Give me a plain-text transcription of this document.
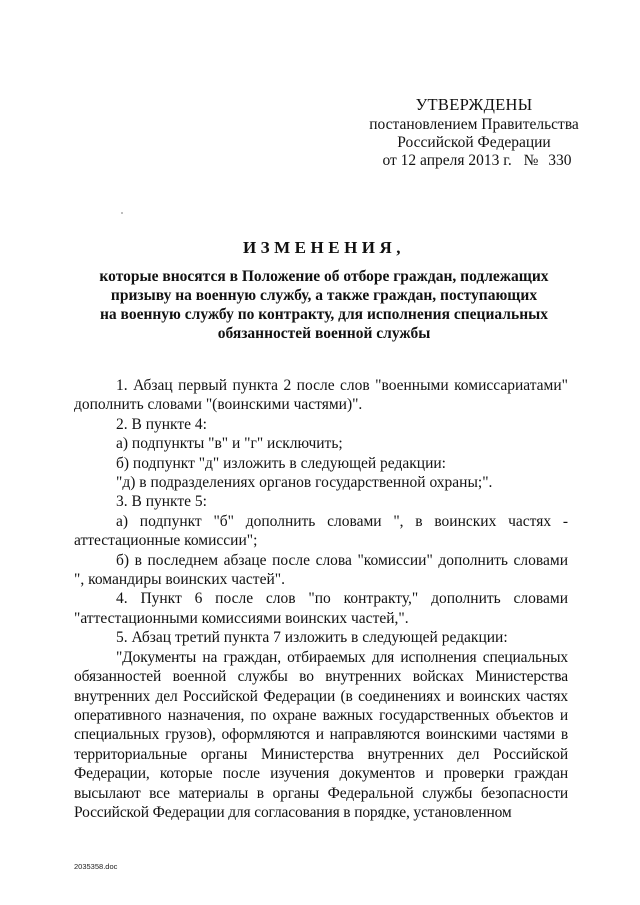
УТВЕРЖДЕНЫ
постановлением Правительства
Российской Федерации
от 12 апреля 2013 г. № 330
ИЗМЕНЕНИЯ,
которые вносятся в Положение об отборе граждан, подлежащих
призыву на военную службу, а также граждан, поступающих
на военную службу по контракту, для исполнения специальных
обязанностей военной службы

1. Абзац первый пункта 2 после слов "военными комиссариатами" дополнить словами "(воинскими частями)".

2. В пункте 4:

а) подпункты "в" и "г" исключить;

б) подпункт "д" изложить в следующей редакции:

"д) в подразделениях органов государственной охраны;".

3. В пункте 5:

а) подпункт "б" дополнить словами ", в воинских частях - аттестационные комиссии";

б) в последнем абзаце после слова "комиссии" дополнить словами ", командиры воинских частей".

4. Пункт 6 после слов "по контракту," дополнить словами "аттестационными комиссиями воинских частей,".

5. Абзац третий пункта 7 изложить в следующей редакции:

"Документы на граждан, отбираемых для исполнения специальных обязанностей военной службы во внутренних войсках Министерства внутренних дел Российской Федерации (в соединениях и воинских частях оперативного назначения, по охране важных государственных объектов и специальных грузов), оформляются и направляются воинскими частями в территориальные органы Министерства внутренних дел Российской Федерации, которые после изучения документов и проверки граждан высылают все материалы в органы Федеральной службы безопасности Российской Федерации для согласования в порядке, установленном

2035358.doc
